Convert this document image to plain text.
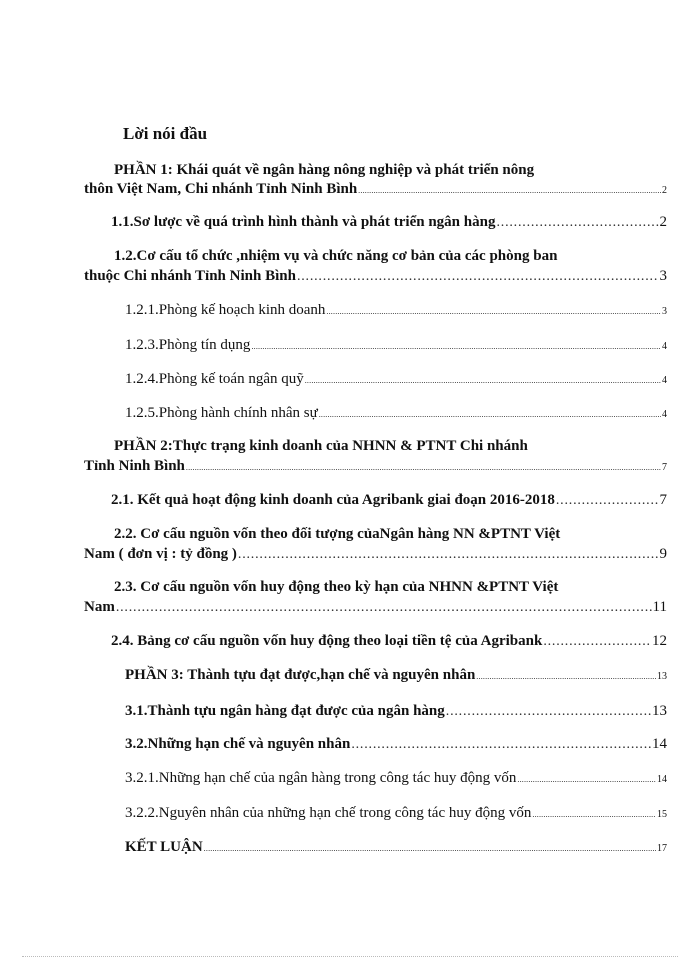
Lời nói đầu
PHẦN 1: Khái quát về ngân hàng nông nghiệp và phát triển nông
thôn Việt Nam, Chi nhánh Tỉnh Ninh Bình .....	2
1.1.Sơ lược về quá trình hình thành và phát triển ngân hàng .....	2
1.2.Cơ cấu tổ chức ,nhiệm vụ và chức năng cơ bản của các phòng ban
thuộc Chi nhánh Tỉnh Ninh Bình .....	3
1.2.1.Phòng kế hoạch kinh doanh .....	3
1.2.3.Phòng tín dụng .....	4
1.2.4.Phòng kế toán ngân quỹ .....	4
1.2.5.Phòng hành chính nhân sự .....	4
PHẦN 2:Thực trạng kinh doanh của NHNN & PTNT Chi nhánh
Tỉnh Ninh Bình .....	7
2.1. Kết quả hoạt động kinh doanh của Agribank giai đoạn 2016-2018 .....	7
2.2. Cơ cấu nguồn vốn theo đối tượng củaNgân hàng NN &PTNT Việt
Nam ( đơn vị : tỷ đồng ) .....	9
2.3. Cơ cấu nguồn vốn huy động theo kỳ hạn của NHNN &PTNT Việt
Nam .....	11
2.4. Bảng cơ cấu nguồn vốn huy động theo loại tiền tệ của Agribank .....	12
PHẦN 3: Thành tựu đạt được,hạn chế và nguyên nhân .....	13
3.1.Thành tựu ngân hàng đạt được của ngân hàng .....	13
3.2.Những hạn chế và nguyên nhân .....	14
3.2.1.Những hạn chế của ngân hàng trong công tác huy động vốn .....	14
3.2.2.Nguyên nhân của những hạn chế trong công tác huy động vốn .....	15
KẾT LUẬN .....	17
